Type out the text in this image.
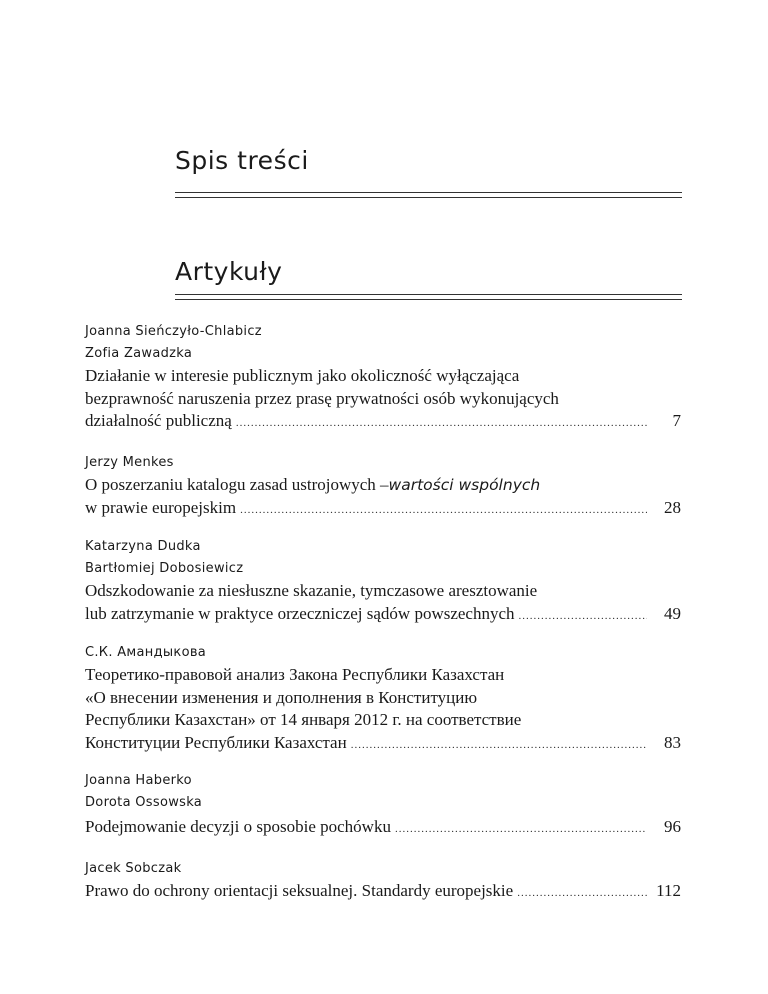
Spis treści
Artykuły
Joanna Sieńczyło-Chlabicz
Zofia Zawadzka
Działanie w interesie publicznym jako okoliczność wyłączająca
bezprawność naruszenia przez prasę prywatności osób wykonujących
działalność publiczną .....	7
Jerzy Menkes
O poszerzaniu katalogu zasad ustrojowych – wartości wspólnych
w prawie europejskim .....	28
Katarzyna Dudka
Bartłomiej Dobosiewicz
Odszkodowanie za niesłuszne skazanie, tymczasowe aresztowanie
lub zatrzymanie w praktyce orzeczniczej sądów powszechnych .....	49
С.К. Амандыкова
Теоретико-правовой анализ Закона Республики Казахстан
«О внесении изменения и дополнения в Конституцию
Республики Казахстан» от 14 января 2012 г. на соответствие
Конституции Республики Казахстан .....	83
Joanna Haberko
Dorota Ossowska
Podejmowanie decyzji o sposobie pochówku .....	96
Jacek Sobczak
Prawo do ochrony orientacji seksualnej. Standardy europejskie .....	112
